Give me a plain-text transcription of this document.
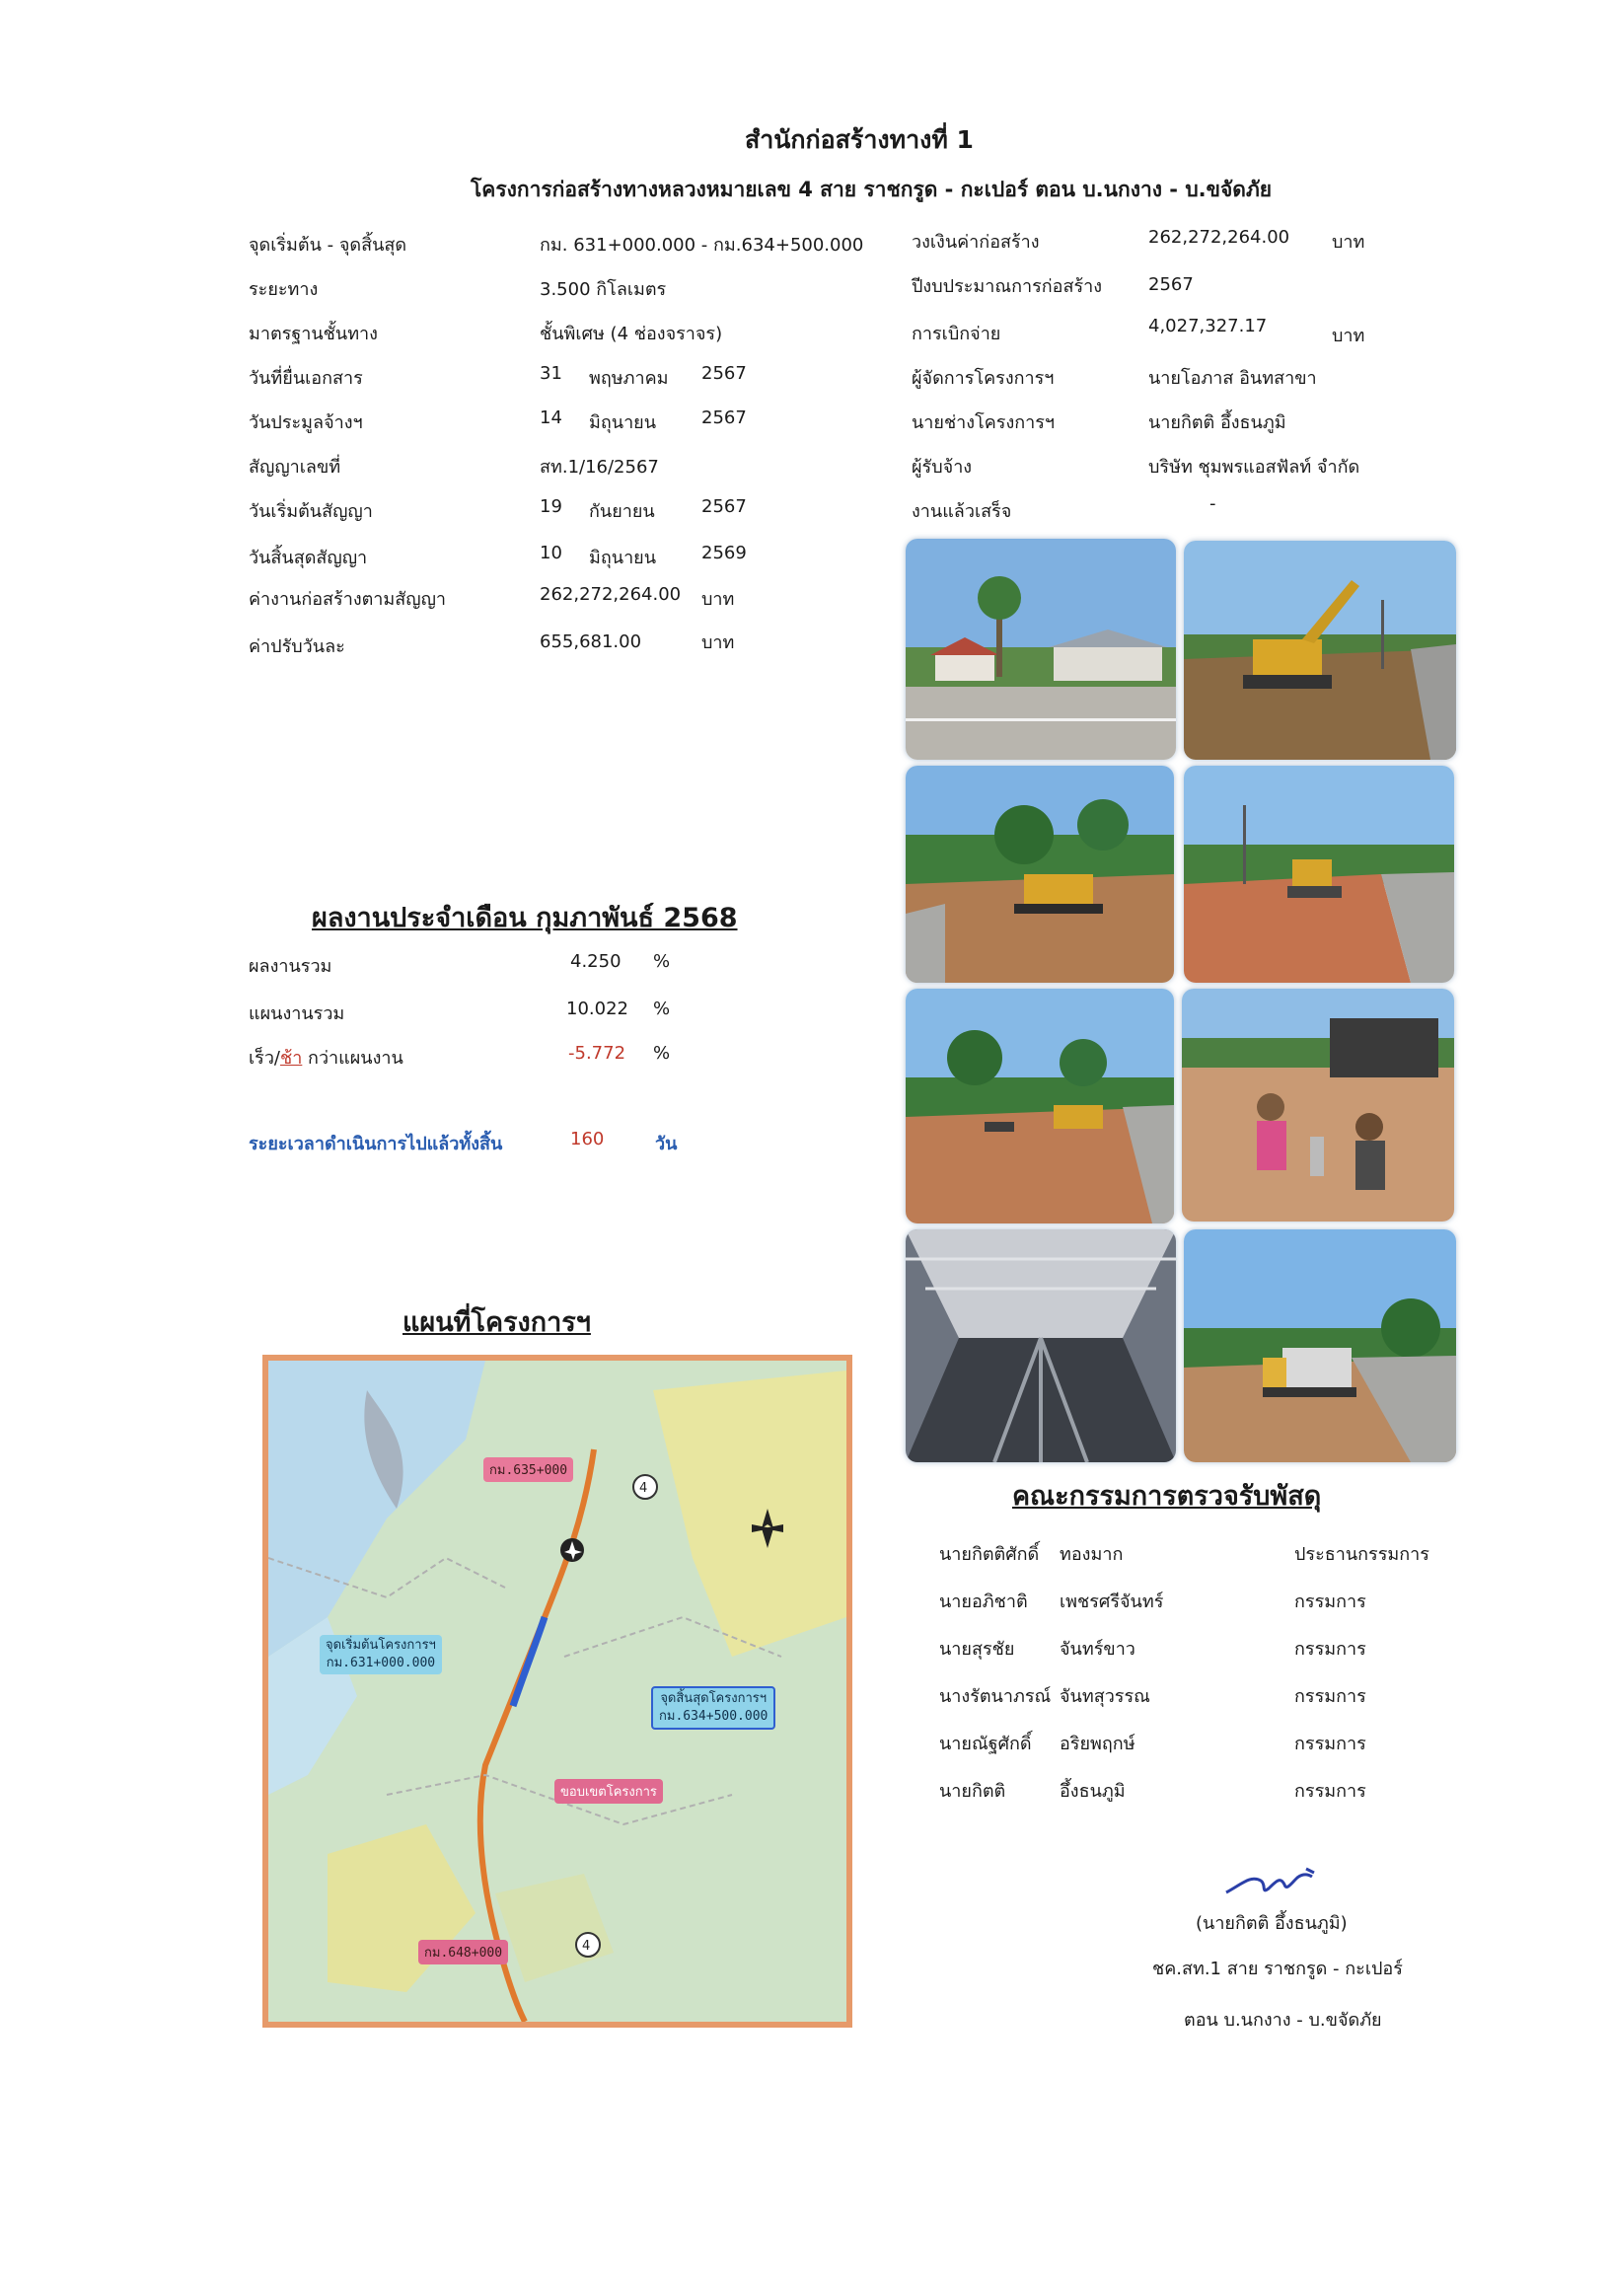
สำนักก่อสร้างทางที่ 1
โครงการก่อสร้างทางหลวงหมายเลข 4 สาย ราชกรูด - กะเปอร์ ตอน บ.นกงาง - บ.ขจัดภัย
จุดเริ่มต้น - จุดสิ้นสุด	กม. 631+000.000 - กม.634+500.000
ระยะทาง	3.500 กิโลเมตร
มาตรฐานชั้นทาง	ชั้นพิเศษ (4 ช่องจราจร)
วันที่ยื่นเอกสาร	31 พฤษภาคม 2567
วันประมูลจ้างฯ	14 มิถุนายน	2567
สัญญาเลขที่	สท.1/16/2567
วันเริ่มต้นสัญญา	19 กันยายน	2567
วันสิ้นสุดสัญญา	10 มิถุนายน	2569
ค่างานก่อสร้างตามสัญญา	262,272,264.00 บาท
ค่าปรับวันละ	655,681.00	บาท
วงเงินค่าก่อสร้าง	262,272,264.00 บาท
ปีงบประมาณการก่อสร้าง	2567
การเบิกจ่าย	4,027,327.17	บาท
ผู้จัดการโครงการฯ	นายโอภาส อินทสาขา
นายช่างโครงการฯ	นายกิตติ อึ้งธนภูมิ
ผู้รับจ้าง	บริษัท ชุมพรแอสฟัลท์ จำกัด
งานแล้วเสร็จ	-
ผลงานประจำเดือน กุมภาพันธ์ 2568
ผลงานรวม	4.250 %
แผนงานรวม	10.022 %
เร็ว/ช้า กว่าแผนงาน	-5.772 %
ระยะเวลาดำเนินการไปแล้วทั้งสิ้น	160	วัน
แผนที่โครงการฯ
4
4
กม.635+000
จุดเริ่มต้นโครงการฯ
กม.631+000.000
จุดสิ้นสุดโครงการฯ
กม.634+500.000
ขอบเขตโครงการ
กม.648+000
คณะกรรมการตรวจรับพัสดุ
นายกิตติศักดิ์ ทองมาก	ประธานกรรมการ
นายอภิชาติ เพชรศรีจันทร์	กรรมการ
นายสุรชัย	จันทร์ขาว	กรรมการ
นางรัตนาภรณ์ จันทสุวรรณ	กรรมการ
นายณัฐศักดิ์ อริยพฤกษ์	กรรมการ
นายกิตติ	อึ้งธนภูมิ	กรรมการ
(นายกิตติ อึ้งธนภูมิ)
ชค.สท.1 สาย ราชกรูด - กะเปอร์
ตอน บ.นกงาง - บ.ขจัดภัย
